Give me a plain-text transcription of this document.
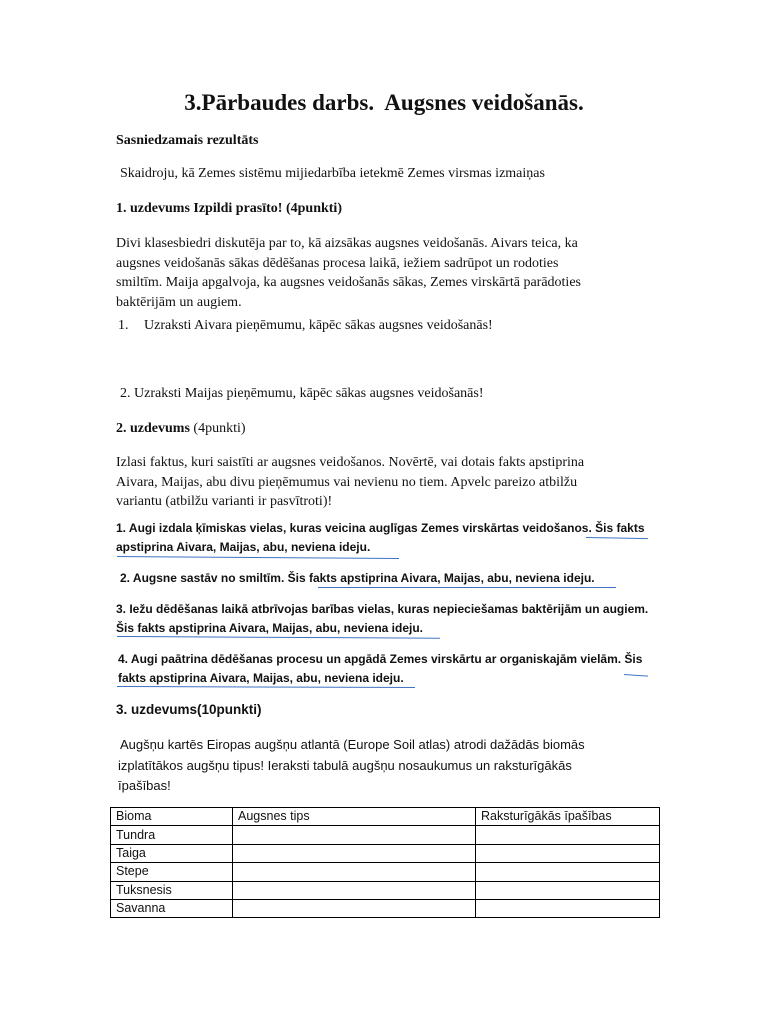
3.Pārbaudes darbs.  Augsnes veidošanās.
Sasniedzamais rezultāts
Skaidroju, kā Zemes sistēmu mijiedarbība ietekmē Zemes virsmas izmaiņas
1. uzdevums Izpildi prasīto! (4punkti)
Divi klasesbiedri diskutēja par to, kā aizsākas augsnes veidošanās. Aivars teica, ka
augsnes veidošanās sākas dēdēšanas procesa laikā, iežiem sadrūpot un rodoties
smiltīm. Maija apgalvoja, ka augsnes veidošanās sākas, Zemes virskārtā parādoties
baktērijām un augiem.
1. Uzraksti Aivara pieņēmumu, kāpēc sākas augsnes veidošanās!
2. Uzraksti Maijas pieņēmumu, kāpēc sākas augsnes veidošanās!
2. uzdevums (4punkti)
Izlasi faktus, kuri saistīti ar augsnes veidošanos. Novērtē, vai dotais fakts apstiprina
Aivara, Maijas, abu divu pieņēmumus vai nevienu no tiem. Apvelc pareizo atbilžu
variantu (atbilžu varianti ir pasvītroti)!
1. Augi izdala ķīmiskas vielas, kuras veicina auglīgas Zemes virskārtas veidošanos. Šis fakts
apstiprina Aivara, Maijas, abu, neviena ideju.
2. Augsne sastāv no smiltīm. Šis fakts apstiprina Aivara, Maijas, abu, neviena ideju.
3. Iežu dēdēšanas laikā atbrīvojas barības vielas, kuras nepieciešamas baktērijām un augiem.
Šis fakts apstiprina Aivara, Maijas, abu, neviena ideju.
4. Augi paātrina dēdēšanas procesu un apgādā Zemes virskārtu ar organiskajām vielām. Šis
fakts apstiprina Aivara, Maijas, abu, neviena ideju.
3. uzdevums(10punkti)
Augšņu kartēs Eiropas augšņu atlantā (Europe Soil atlas) atrodi dažādās biomās
izplatītākos augšņu tipus! Ieraksti tabulā augšņu nosaukumus un raksturīgākās
īpašības!
Bioma	Augsnes tips	Raksturīgākās īpašības
Tundra		
Taiga		
Stepe		
Tuksnesis		
Savanna		
